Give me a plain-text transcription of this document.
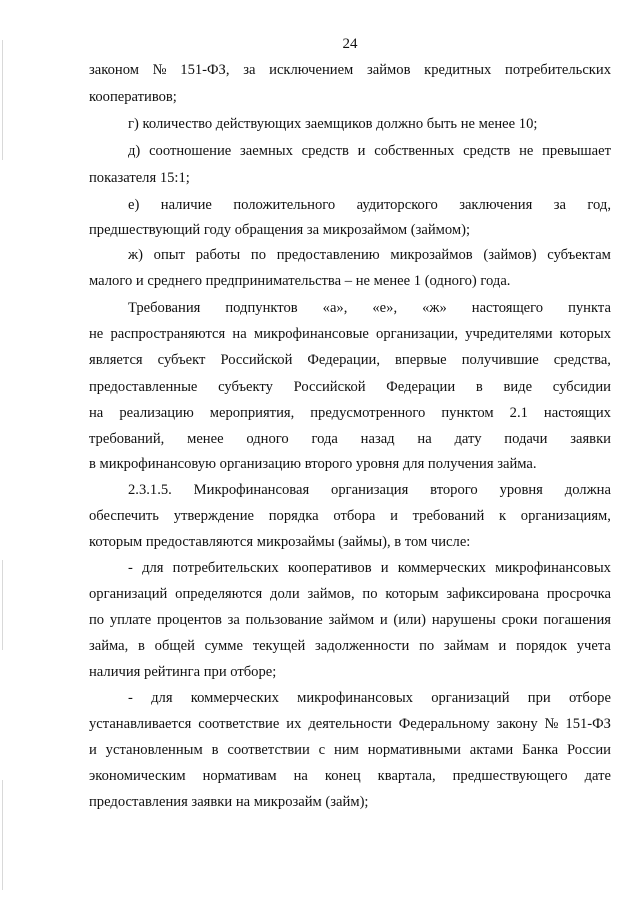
24
законом № 151-ФЗ, за исключением займов кредитных потребительских
кооперативов;
г) количество действующих заемщиков должно быть не менее 10;
д) соотношение заемных средств и собственных средств не превышает
показателя 15:1;
е) наличие положительного аудиторского заключения за год,
предшествующий году обращения за микрозаймом (займом);
ж) опыт работы по предоставлению микрозаймов (займов) субъектам
малого и среднего предпринимательства – не менее 1 (одного) года.
Требования подпунктов «а», «е», «ж» настоящего пункта
не распространяются на микрофинансовые организации, учредителями которых
является субъект Российской Федерации, впервые получившие средства,
предоставленные субъекту Российской Федерации в виде субсидии
на реализацию мероприятия, предусмотренного пунктом 2.1 настоящих
требований, менее одного года назад на дату подачи заявки
в микрофинансовую организацию второго уровня для получения займа.
2.3.1.5. Микрофинансовая организация второго уровня должна
обеспечить утверждение порядка отбора и требований к организациям,
которым предоставляются микрозаймы (займы), в том числе:
- для потребительских кооперативов и коммерческих микрофинансовых
организаций определяются доли займов, по которым зафиксирована просрочка
по уплате процентов за пользование займом и (или) нарушены сроки погашения
займа, в общей сумме текущей задолженности по займам и порядок учета
наличия рейтинга при отборе;
- для коммерческих микрофинансовых организаций при отборе
устанавливается соответствие их деятельности Федеральному закону № 151-ФЗ
и установленным в соответствии с ним нормативными актами Банка России
экономическим нормативам на конец квартала, предшествующего дате
предоставления заявки на микрозайм (займ);
